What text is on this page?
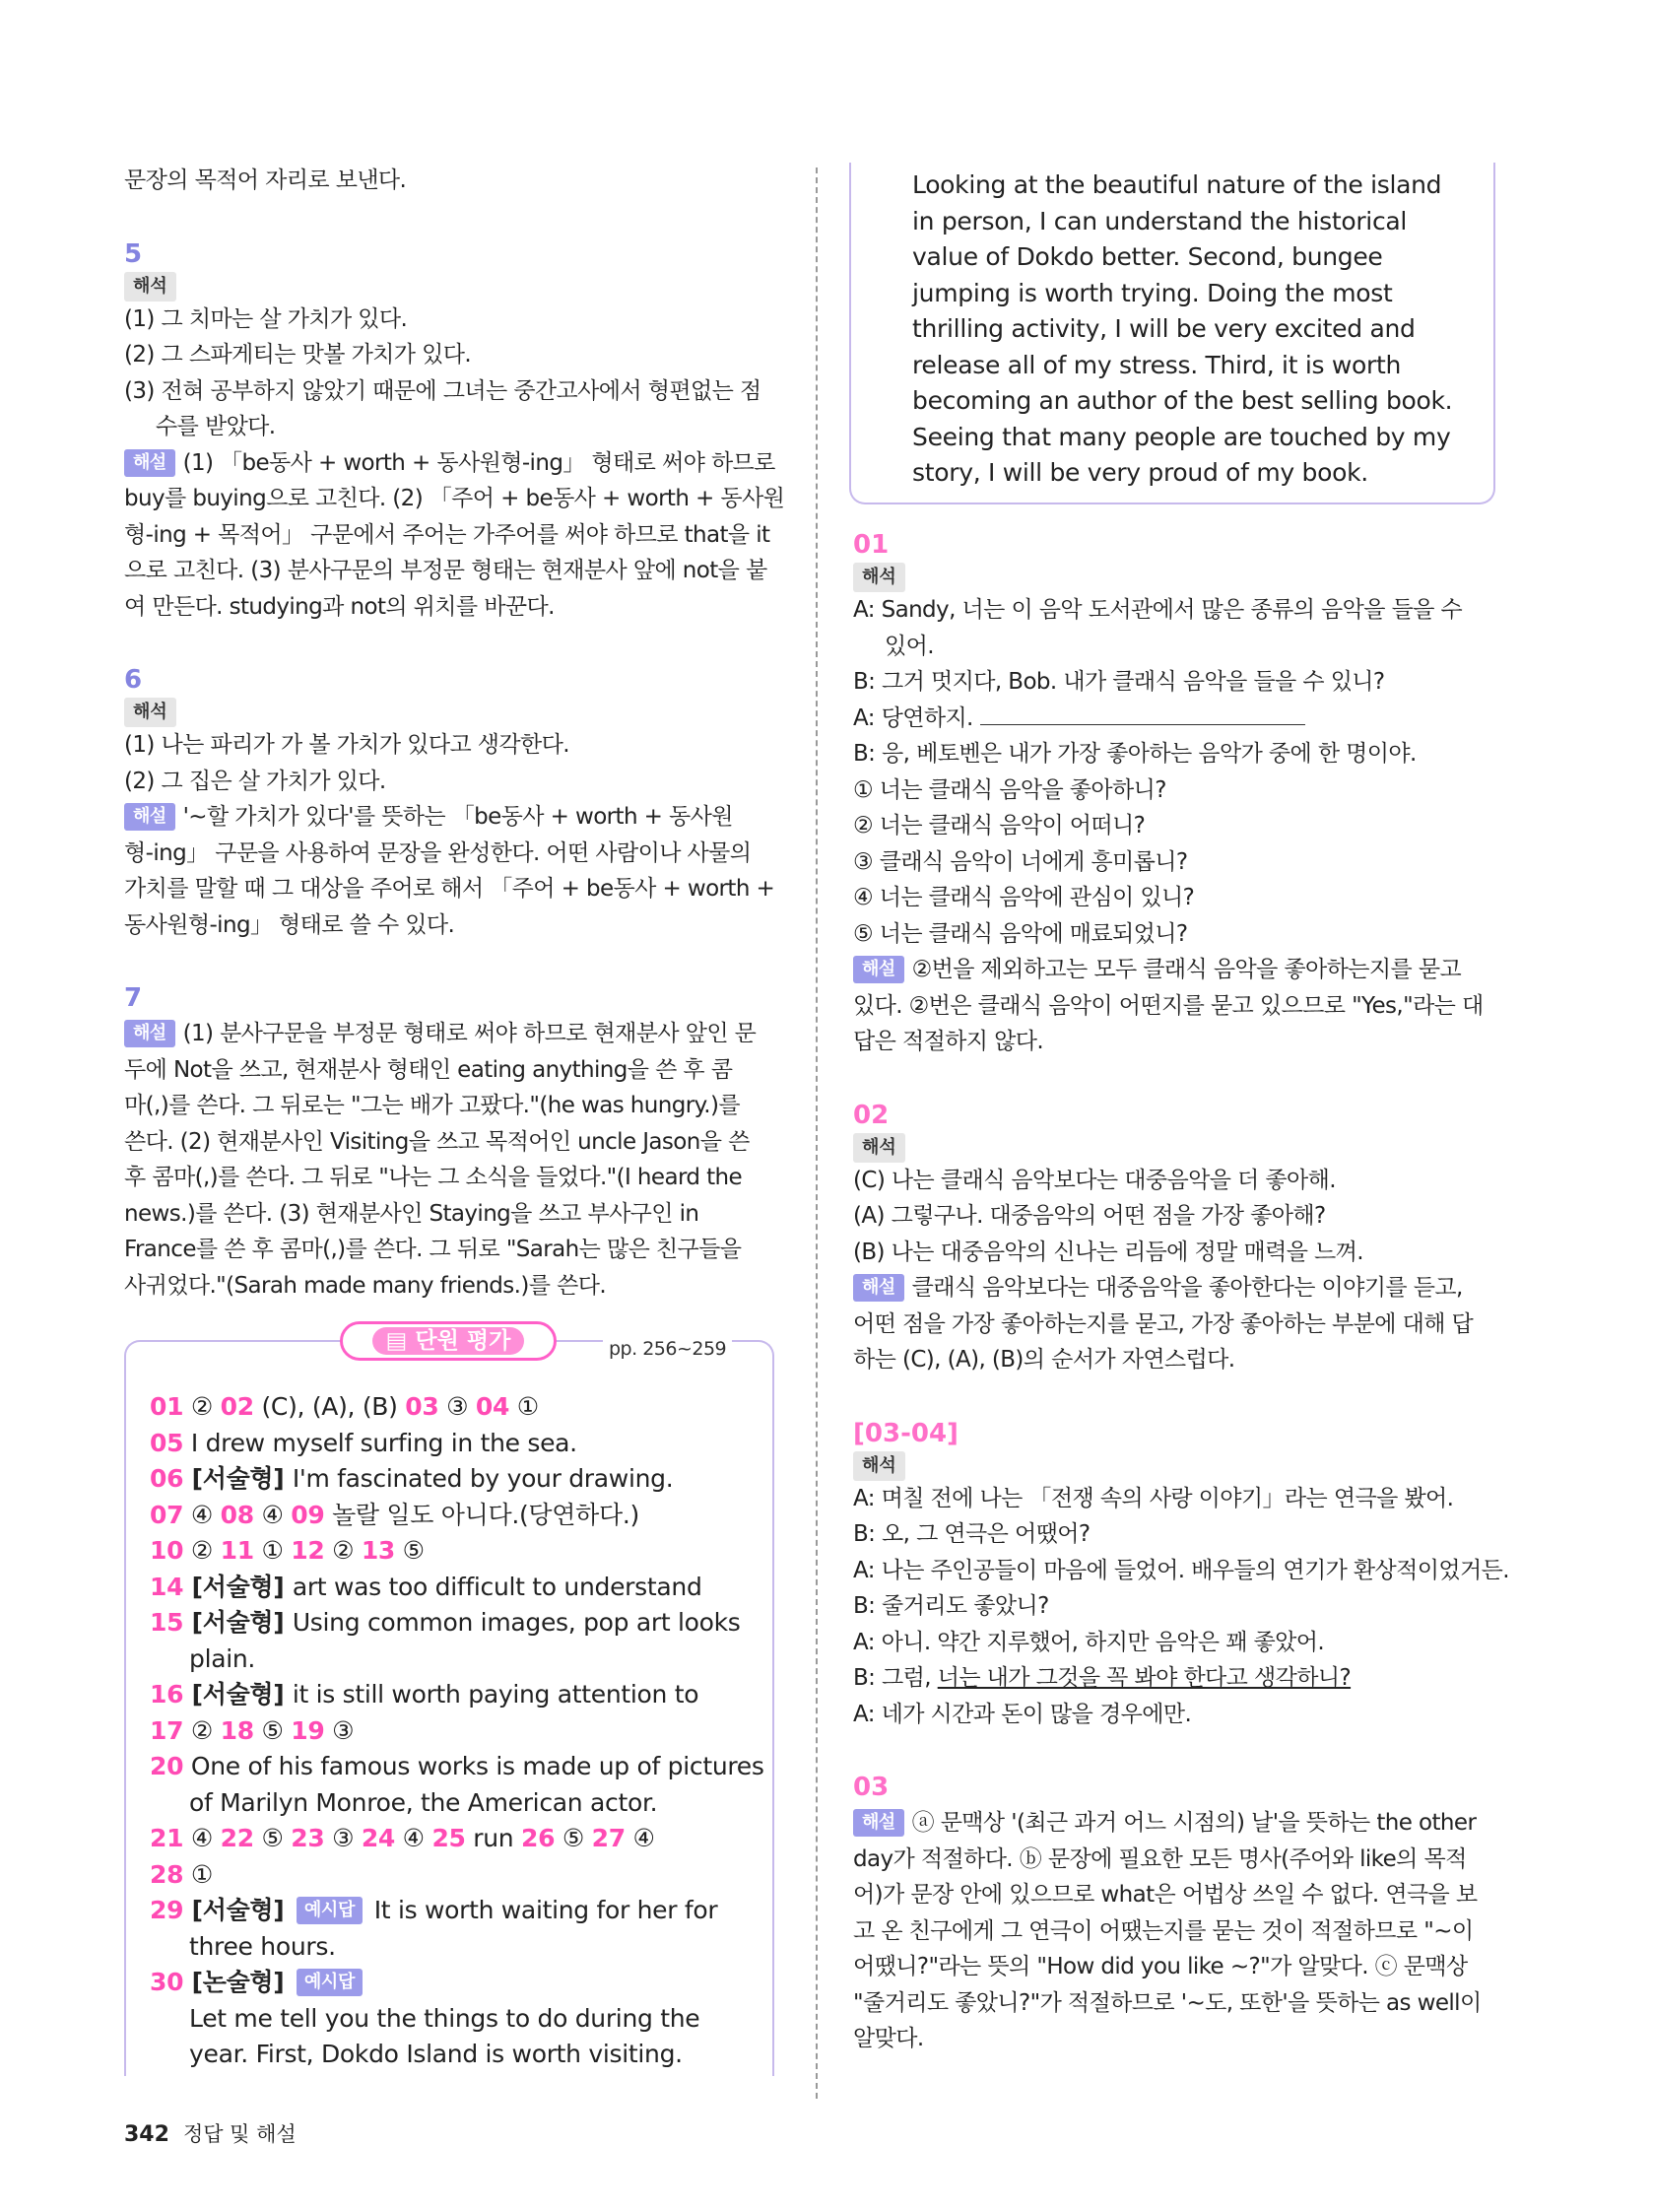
문장의 목적어 자리로 보낸다.
5
해석
(1) 그 치마는 살 가치가 있다.
(2) 그 스파게티는 맛볼 가치가 있다.
(3) 전혀 공부하지 않았기 때문에 그녀는 중간고사에서 형편없는 점
수를 받았다.
해설 (1) 「be동사 + worth + 동사원형-ing」 형태로 써야 하므로
buy를 buying으로 고친다. (2) 「주어 + be동사 + worth + 동사원
형-ing + 목적어」 구문에서 주어는 가주어를 써야 하므로 that을 it
으로 고친다. (3) 분사구문의 부정문 형태는 현재분사 앞에 not을 붙
여 만든다. studying과 not의 위치를 바꾼다.
6
해석
(1) 나는 파리가 가 볼 가치가 있다고 생각한다.
(2) 그 집은 살 가치가 있다.
해설 '~할 가치가 있다'를 뜻하는 「be동사 + worth + 동사원
형-ing」 구문을 사용하여 문장을 완성한다. 어떤 사람이나 사물의
가치를 말할 때 그 대상을 주어로 해서 「주어 + be동사 + worth +
동사원형-ing」 형태로 쓸 수 있다.
7
해설 (1) 분사구문을 부정문 형태로 써야 하므로 현재분사 앞인 문
두에 Not을 쓰고, 현재분사 형태인 eating anything을 쓴 후 콤
마(,)를 쓴다. 그 뒤로는 "그는 배가 고팠다."(he was hungry.)를
쓴다. (2) 현재분사인 Visiting을 쓰고 목적어인 uncle Jason을 쓴
후 콤마(,)를 쓴다. 그 뒤로 "나는 그 소식을 들었다."(I heard the
news.)를 쓴다. (3) 현재분사인 Staying을 쓰고 부사구인 in
France를 쓴 후 콤마(,)를 쓴다. 그 뒤로 "Sarah는 많은 친구들을
사귀었다."(Sarah made many friends.)를 쓴다.
▤ 단원 평가	pp. 256~259
01 ② 02 (C), (A), (B) 03 ③ 04 ①
05 I drew myself surfing in the sea.
06 [서술형] I'm fascinated by your drawing.
07 ④ 08 ④ 09 놀랄 일도 아니다.(당연하다.)
10 ② 11 ① 12 ② 13 ⑤
14 [서술형] art was too difficult to understand
15 [서술형] Using common images, pop art looks
plain.
16 [서술형] it is still worth paying attention to
17 ② 18 ⑤ 19 ③
20 One of his famous works is made up of pictures
of Marilyn Monroe, the American actor.
21 ④ 22 ⑤ 23 ③ 24 ④ 25 run 26 ⑤ 27 ④
28 ①
29 [서술형] 예시답 It is worth waiting for her for
three hours.
30 [논술형] 예시답
Let me tell you the things to do during the
year. First, Dokdo Island is worth visiting.
Looking at the beautiful nature of the island
in person, I can understand the historical
value of Dokdo better. Second, bungee
jumping is worth trying. Doing the most
thrilling activity, I will be very excited and
release all of my stress. Third, it is worth
becoming an author of the best selling book.
Seeing that many people are touched by my
story, I will be very proud of my book.
01
해석
A: Sandy, 너는 이 음악 도서관에서 많은 종류의 음악을 들을 수
있어.
B: 그거 멋지다, Bob. 내가 클래식 음악을 들을 수 있니?
A: 당연하지.
B: 응, 베토벤은 내가 가장 좋아하는 음악가 중에 한 명이야.
① 너는 클래식 음악을 좋아하니?
② 너는 클래식 음악이 어떠니?
③ 클래식 음악이 너에게 흥미롭니?
④ 너는 클래식 음악에 관심이 있니?
⑤ 너는 클래식 음악에 매료되었니?
해설 ②번을 제외하고는 모두 클래식 음악을 좋아하는지를 묻고
있다. ②번은 클래식 음악이 어떤지를 묻고 있으므로 "Yes,"라는 대
답은 적절하지 않다.
02
해석
(C) 나는 클래식 음악보다는 대중음악을 더 좋아해.
(A) 그렇구나. 대중음악의 어떤 점을 가장 좋아해?
(B) 나는 대중음악의 신나는 리듬에 정말 매력을 느껴.
해설 클래식 음악보다는 대중음악을 좋아한다는 이야기를 듣고,
어떤 점을 가장 좋아하는지를 묻고, 가장 좋아하는 부분에 대해 답
하는 (C), (A), (B)의 순서가 자연스럽다.
[03-04]
해석
A: 며칠 전에 나는 「전쟁 속의 사랑 이야기」라는 연극을 봤어.
B: 오, 그 연극은 어땠어?
A: 나는 주인공들이 마음에 들었어. 배우들의 연기가 환상적이었거든.
B: 줄거리도 좋았니?
A: 아니. 약간 지루했어, 하지만 음악은 꽤 좋았어.
B: 그럼, 너는 내가 그것을 꼭 봐야 한다고 생각하니?
A: 네가 시간과 돈이 많을 경우에만.
03
해설 ⓐ 문맥상 '(최근 과거 어느 시점의) 날'을 뜻하는 the other
day가 적절하다. ⓑ 문장에 필요한 모든 명사(주어와 like의 목적
어)가 문장 안에 있으므로 what은 어법상 쓰일 수 없다. 연극을 보
고 온 친구에게 그 연극이 어땠는지를 묻는 것이 적절하므로 "~이
어땠니?"라는 뜻의 "How did you like ~?"가 알맞다. ⓒ 문맥상
"줄거리도 좋았니?"가 적절하므로 '~도, 또한'을 뜻하는 as well이
알맞다.
342 정답 및 해설
